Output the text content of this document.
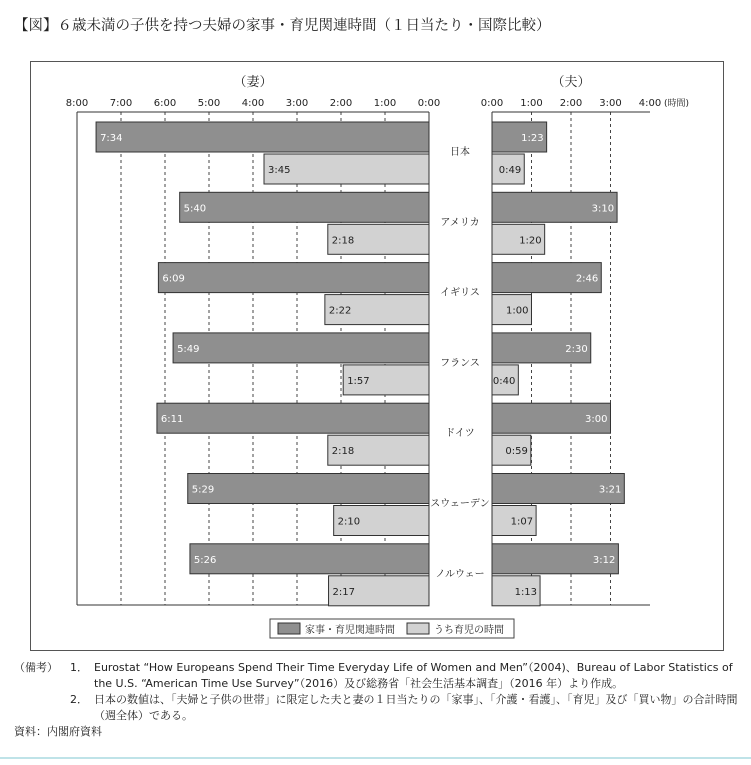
【図】６歳未満の子供を持つ夫婦の家事・育児関連時間（１日当たり・国際比較）
（妻）	（夫）
0:00
1:00
2:00
3:00
4:00
5:00
6:00
7:00
8:00	0:00 1:00 2:00 3:00 4:00 (時間)
7:34
3:45
1:23
0:49
日本
5:40
2:18
3:10
1:20
アメリカ
6:09
2:22
2:46
1:00
イギリス
5:49
1:57
2:30
0:40
フランス
6:11
2:18
3:00
0:59
ドイツ
5:29
2:10
3:21
1:07
スウェーデン
5:26
2:17
3:12
1:13
ノルウェー
家事・育児関連時間	うち育児の時間
（備考）	1． Eurostat “How Europeans Spend Their Time Everyday Life of Women and Men”（2004)、Bureau of Labor Statistics of the U.S. “American Time Use Survey”（2016）及び総務省「社会生活基本調査」（2016 年）より作成。
2． 日本の数値は、「夫婦と子供の世帯」に限定した夫と妻の１日当たりの「家事」、「介護・看護」、「育児」及び「買い物」の合計時間（週全体）である。
資料：内閣府資料
